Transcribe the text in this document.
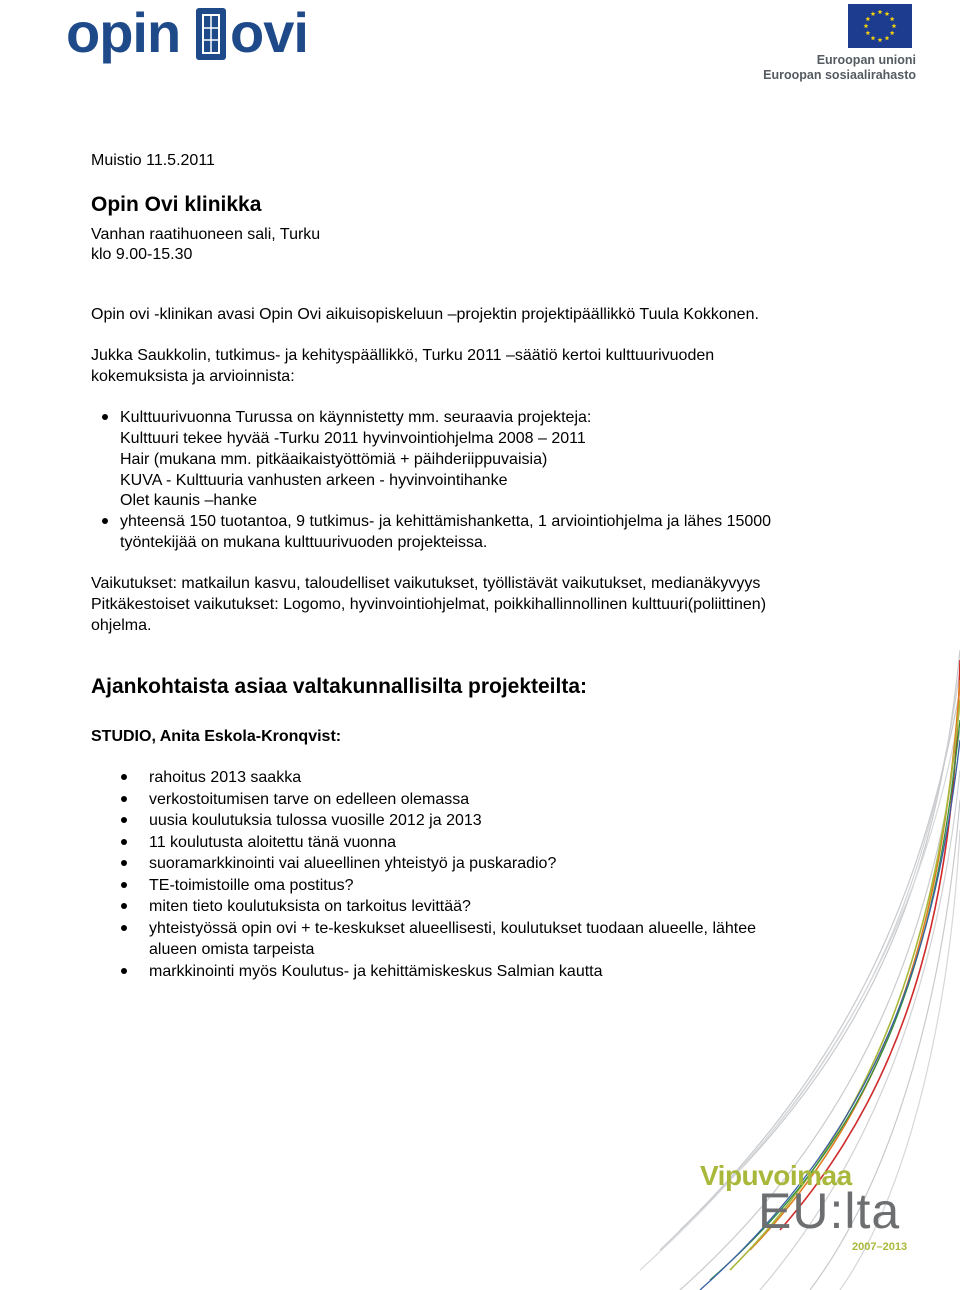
opin ovi	Euroopan unioni
Euroopan sosiaalirahasto
Muistio 11.5.2011
Opin Ovi klinikka
Vanhan raatihuoneen sali, Turku
klo 9.00-15.30
Opin ovi -klinikan avasi Opin Ovi aikuisopiskeluun –projektin projektipäällikkö Tuula Kokkonen.
Jukka Saukkolin, tutkimus- ja kehityspäällikkö, Turku 2011 –säätiö kertoi kulttuurivuoden
kokemuksista ja arvioinnista:
Kulttuurivuonna Turussa on käynnistetty mm. seuraavia projekteja:
Kulttuuri tekee hyvää -Turku 2011 hyvinvointiohjelma 2008 – 2011
Hair (mukana mm. pitkäaikaistyöttömiä + päihderiippuvaisia)
KUVA - Kulttuuria vanhusten arkeen - hyvinvointihanke
Olet kaunis –hanke
yhteensä 150 tuotantoa, 9 tutkimus- ja kehittämishanketta, 1 arviointiohjelma ja lähes 15000
työntekijää on mukana kulttuurivuoden projekteissa.
Vaikutukset: matkailun kasvu, taloudelliset vaikutukset, työllistävät vaikutukset, medianäkyvyys
Pitkäkestoiset vaikutukset: Logomo, hyvinvointiohjelmat, poikkihallinnollinen kulttuuri(poliittinen)
ohjelma.
Ajankohtaista asiaa valtakunnallisilta projekteilta:
STUDIO, Anita Eskola-Kronqvist:
rahoitus 2013 saakka
verkostoitumisen tarve on edelleen olemassa
uusia koulutuksia tulossa vuosille 2012 ja 2013
11 koulutusta aloitettu tänä vuonna
suoramarkkinointi vai alueellinen yhteistyö ja puskaradio?
TE-toimistoille oma postitus?
miten tieto koulutuksista on tarkoitus levittää?
yhteistyössä opin ovi + te-keskukset alueellisesti, koulutukset tuodaan alueelle, lähtee
alueen omista tarpeista
markkinointi myös Koulutus- ja kehittämiskeskus Salmian kautta
Vipuvoimaa
EU:lta
2007–2013
